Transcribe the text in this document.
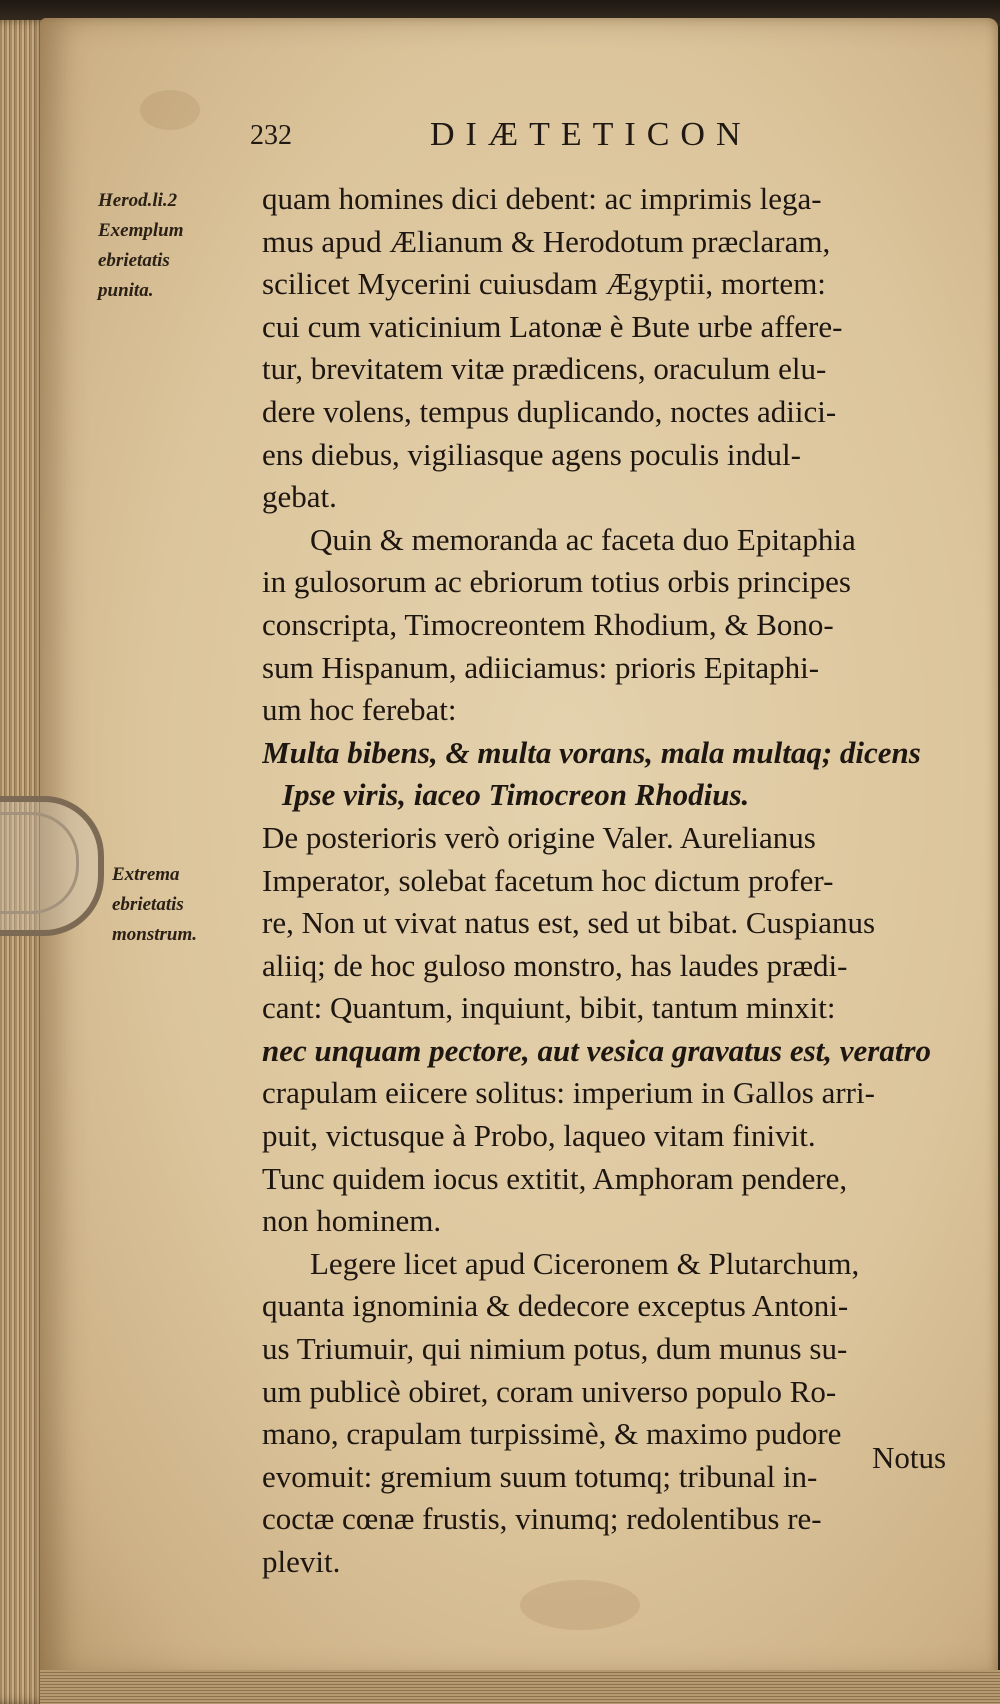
232	DIÆTETICON
Herod.li.2
Exemplum
ebrietatis
punita.
Extrema
ebrietatis
monstrum.
quam homines dici debent: ac imprimis lega-
mus apud Ælianum & Herodotum præclaram,
scilicet Mycerini cuiusdam Ægyptii, mortem:
cui cum vaticinium Latonæ è Bute urbe affere-
tur, brevitatem vitæ prædicens, oraculum elu-
dere volens, tempus duplicando, noctes adiici-
ens diebus, vigiliasque agens poculis indul-
gebat.
Quin & memoranda ac faceta duo Epitaphia
in gulosorum ac ebriorum totius orbis principes
conscripta, Timocreontem Rhodium, & Bono-
sum Hispanum, adiiciamus: prioris Epitaphi-
um hoc ferebat:
Multa bibens, & multa vorans, mala multaq; dicens
Ipse viris, iaceo Timocreon Rhodius.
De posterioris verò origine Valer. Aurelianus
Imperator, solebat facetum hoc dictum profer-
re, Non ut vivat natus est, sed ut bibat. Cuspianus
aliiq; de hoc guloso monstro, has laudes prædi-
cant: Quantum, inquiunt, bibit, tantum minxit:
nec unquam pectore, aut vesica gravatus est, veratro
crapulam eiicere solitus: imperium in Gallos arri-
puit, victusque à Probo, laqueo vitam finivit.
Tunc quidem iocus extitit, Amphoram pendere,
non hominem.
Legere licet apud Ciceronem & Plutarchum,
quanta ignominia & dedecore exceptus Antoni-
us Triumuir, qui nimium potus, dum munus su-
um publicè obiret, coram universo populo Ro-
mano, crapulam turpissimè, & maximo pudore
evomuit: gremium suum totumq; tribunal in-
coctæ cœnæ frustis, vinumq; redolentibus re-
plevit.
Notus
